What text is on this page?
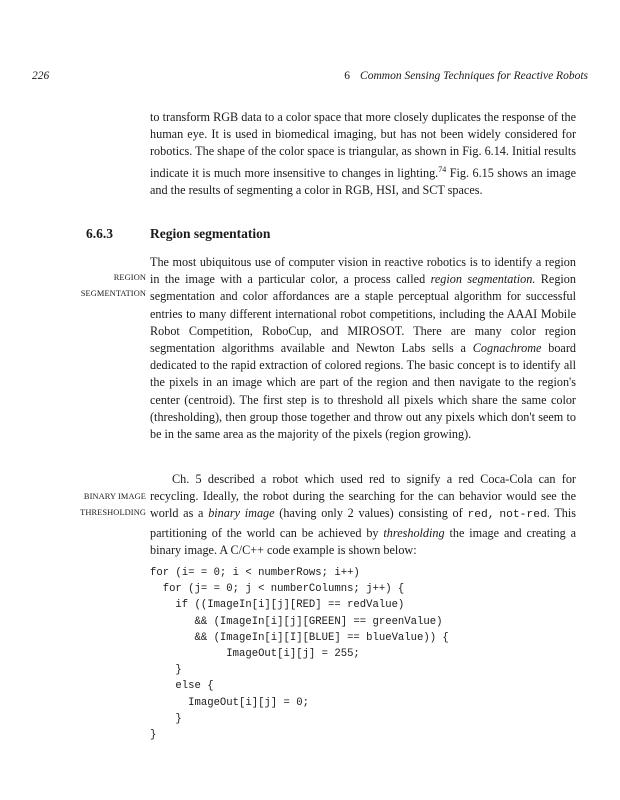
226	6 Common Sensing Techniques for Reactive Robots

to transform RGB data to a color space that more closely duplicates the response of the human eye. It is used in biomedical imaging, but has not been widely considered for robotics. The shape of the color space is triangular, as shown in Fig. 6.14. Initial results indicate it is much more insensitive to changes in lighting.$^{74}$ Fig. 6.15 shows an image and the results of segmenting a color in RGB, HSI, and SCT spaces.

6.6.3	Region segmentation
REGION
SEGMENTATION

The most ubiquitous use of computer vision in reactive robotics is to identify a region in the image with a particular color, a process called region segmentation. Region segmentation and color affordances are a staple perceptual algorithm for successful entries to many different international robot competitions, including the AAAI Mobile Robot Competition, RoboCup, and MIROSOT. There are many color region segmentation algorithms available and Newton Labs sells a Cognachrome board dedicated to the rapid extraction of colored regions. The basic concept is to identify all the pixels in an image which are part of the region and then navigate to the region's center (centroid). The first step is to threshold all pixels which share the same color (thresholding), then group those together and throw out any pixels which don't seem to be in the same area as the majority of the pixels (region growing).

BINARY IMAGE
THRESHOLDING

Ch. 5 described a robot which used red to signify a red Coca-Cola can for recycling. Ideally, the robot during the searching for the can behavior would see the world as a binary image (having only 2 values) consisting of red, not-red. This partitioning of the world can be achieved by thresholding the image and creating a binary image. A C/C++ code example is shown below:

for (i= = 0; i < numberRows; i++)
for (j= = 0; j < numberColumns; j++) {
if ((ImageIn[i][j][RED] == redValue)
&& (ImageIn[i][j][GREEN] == greenValue)
&& (ImageIn[i][I][BLUE] == blueValue)) {
ImageOut[i][j] = 255;
}
else {
ImageOut[i][j] = 0;
}
}
